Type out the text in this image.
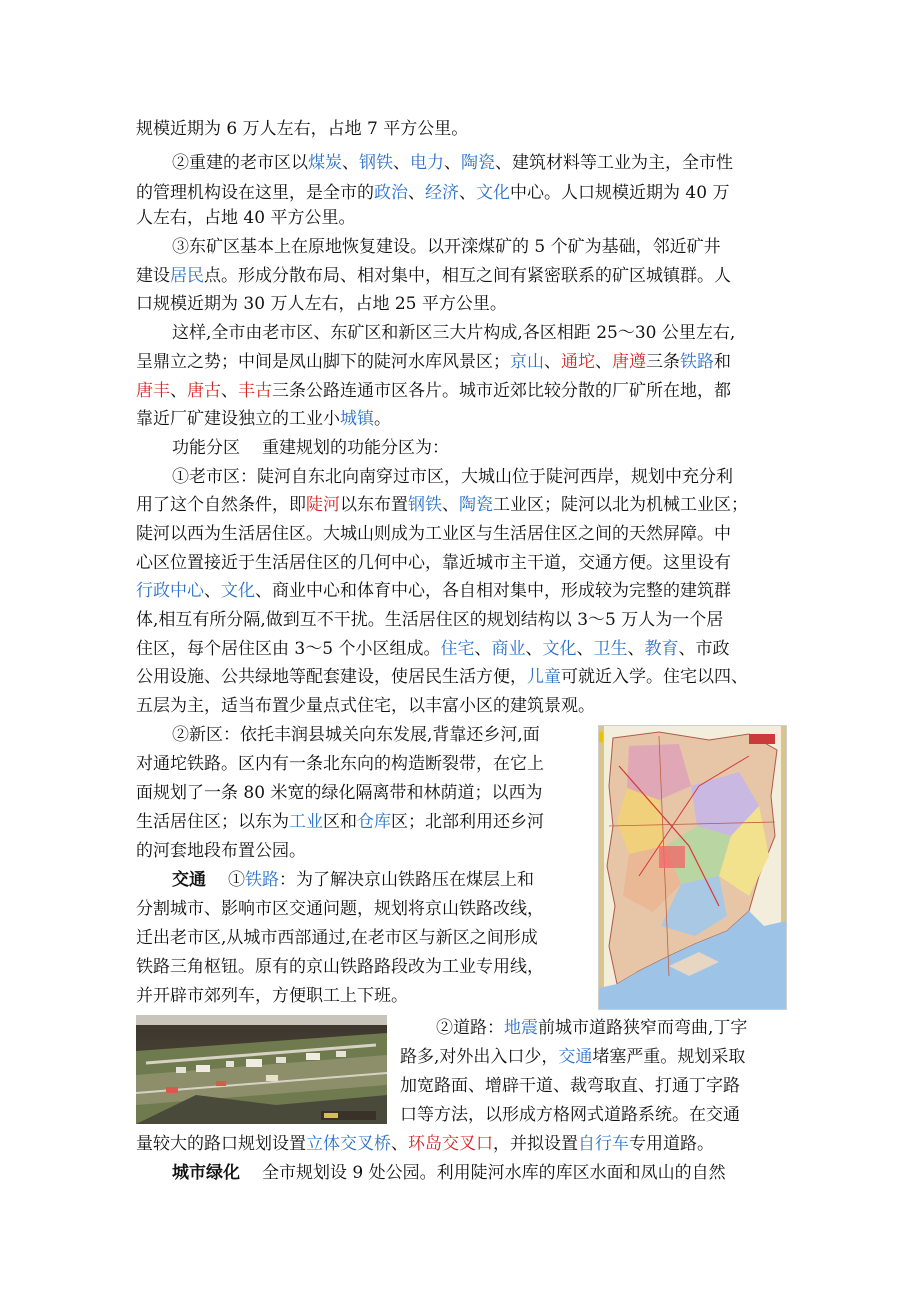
规模近期为 6 万人左右，占地 7 平方公里。
②重建的老市区以煤炭、钢铁、电力、陶瓷、建筑材料等工业为主，全市性
的管理机构设在这里，是全市的政治、经济、文化中心。人口规模近期为 40 万
人左右，占地 40 平方公里。
③东矿区基本上在原地恢复建设。以开滦煤矿的 5 个矿为基础，邻近矿井
建设居民点。形成分散布局、相对集中，相互之间有紧密联系的矿区城镇群。人
口规模近期为 30 万人左右，占地 25 平方公里。
这样,全市由老市区、东矿区和新区三大片构成,各区相距 25～30 公里左右,
呈鼎立之势；中间是凤山脚下的陡河水库风景区；京山、通坨、唐遵三条铁路和
唐丰、唐古、丰古三条公路连通市区各片。城市近郊比较分散的厂矿所在地，都
靠近厂矿建设独立的工业小城镇。
功能分区 重建规划的功能分区为：
①老市区：陡河自东北向南穿过市区，大城山位于陡河西岸，规划中充分利
用了这个自然条件，即陡河以东布置钢铁、陶瓷工业区；陡河以北为机械工业区；
陡河以西为生活居住区。大城山则成为工业区与生活居住区之间的天然屏障。中
心区位置接近于生活居住区的几何中心，靠近城市主干道，交通方便。这里设有
行政中心、文化、商业中心和体育中心，各自相对集中，形成较为完整的建筑群
体,相互有所分隔,做到互不干扰。生活居住区的规划结构以 3～5 万人为一个居
住区，每个居住区由 3～5 个小区组成。住宅、商业、文化、卫生、教育、市政
公用设施、公共绿地等配套建设，使居民生活方便，儿童可就近入学。住宅以四、
五层为主，适当布置少量点式住宅，以丰富小区的建筑景观。
②新区：依托丰润县城关向东发展,背靠还乡河,面
对通坨铁路。区内有一条北东向的构造断裂带，在它上
面规划了一条 80 米宽的绿化隔离带和林荫道；以西为
生活居住区；以东为工业区和仓库区；北部利用还乡河
的河套地段布置公园。
交通 ①铁路：为了解决京山铁路压在煤层上和
分割城市、影响市区交通问题，规划将京山铁路改线，
迁出老市区,从城市西部通过,在老市区与新区之间形成
铁路三角枢钮。原有的京山铁路路段改为工业专用线，
并开辟市郊列车，方便职工上下班。
②道路：地震前城市道路狭窄而弯曲,丁字
路多,对外出入口少，交通堵塞严重。规划采取
加宽路面、增辟干道、裁弯取直、打通丁字路
口等方法，以形成方格网式道路系统。在交通
量较大的路口规划设置立体交叉桥、环岛交叉口，并拟设置自行车专用道路。
城市绿化 全市规划设 9 处公园。利用陡河水库的库区水面和凤山的自然
